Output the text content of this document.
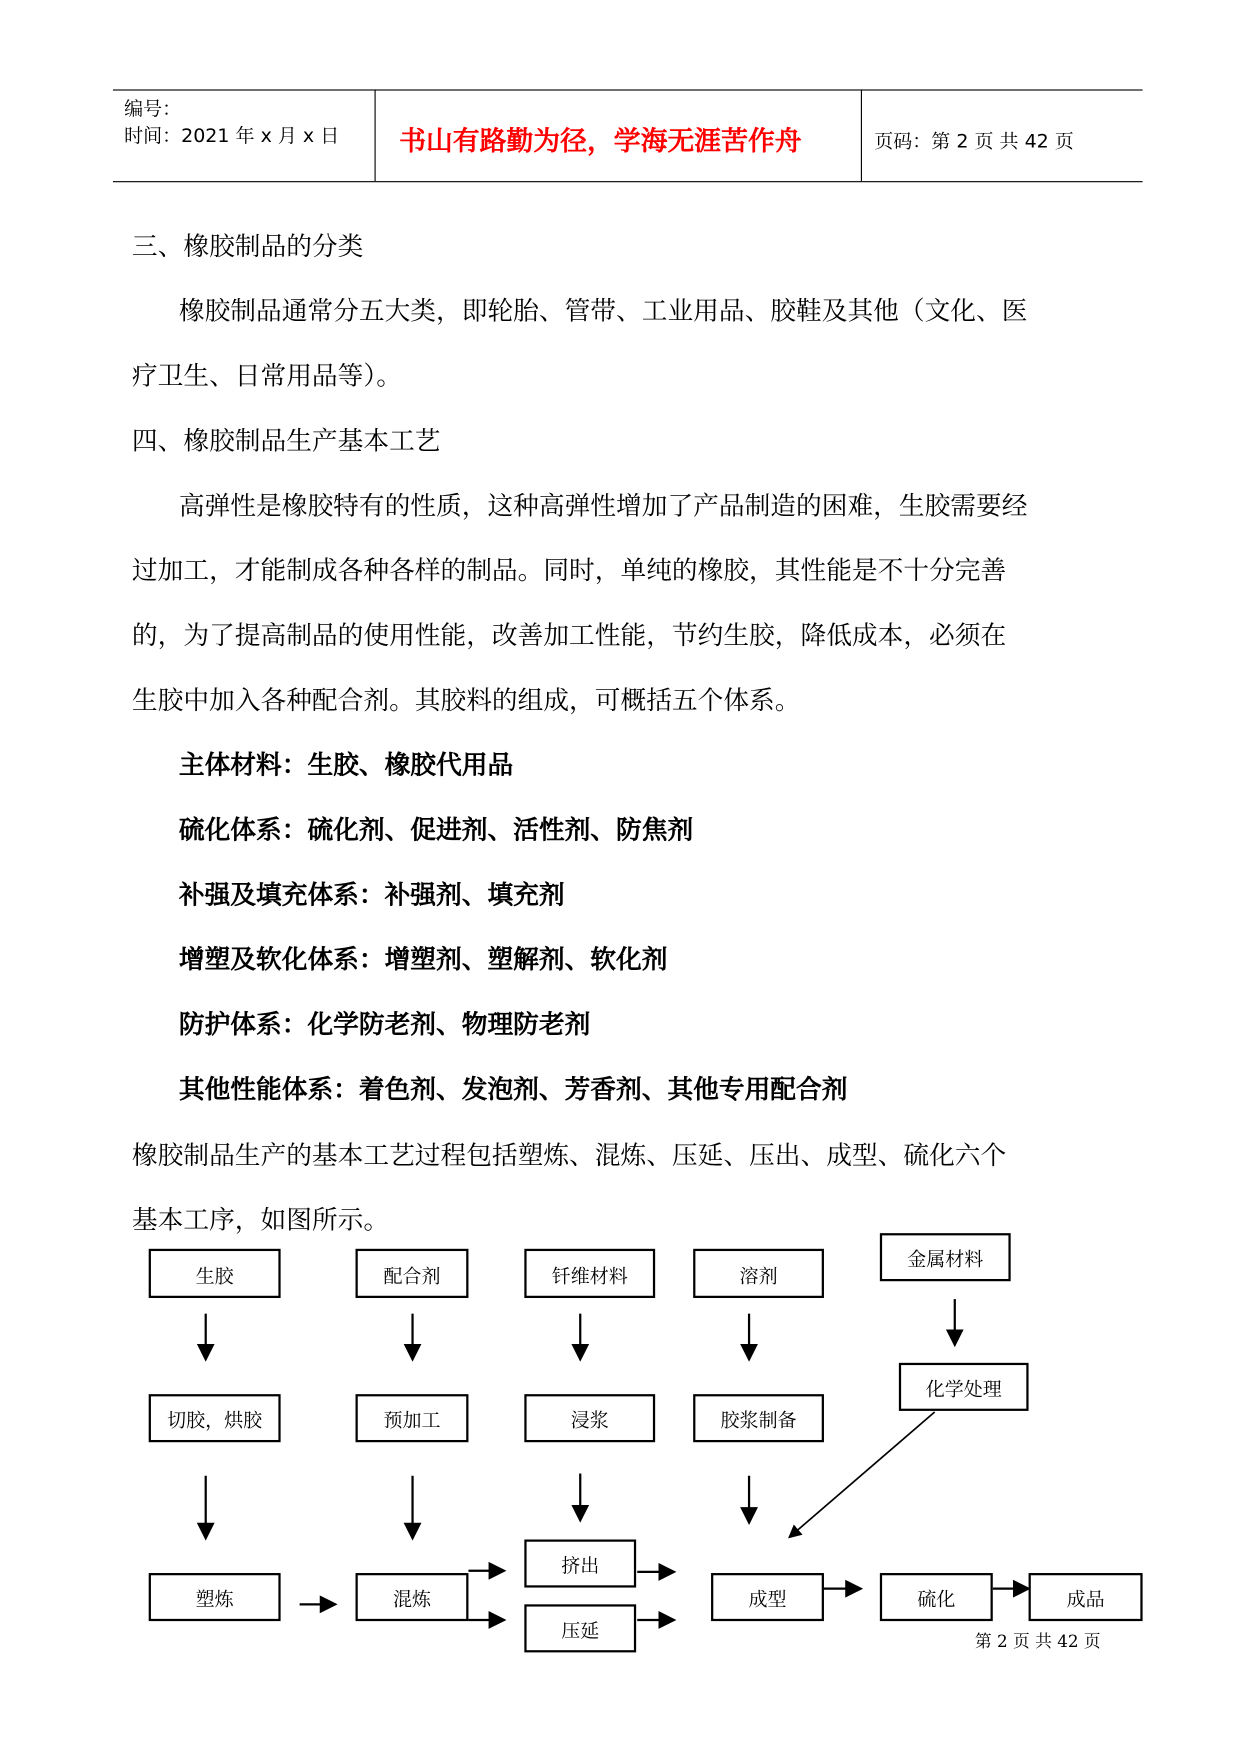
编号：
时间：2021 年 x 月 x 日 书山有路勤为径，学海无涯苦作舟	页码：第 2 页 共 42 页
三、橡胶制品的分类
橡胶制品通常分五大类，即轮胎、管带、工业用品、胶鞋及其他（文化、医
疗卫生、日常用品等）。
四、橡胶制品生产基本工艺
高弹性是橡胶特有的性质，这种高弹性增加了产品制造的困难，生胶需要经
过加工，才能制成各种各样的制品。同时，单纯的橡胶，其性能是不十分完善
的，为了提高制品的使用性能，改善加工性能，节约生胶，降低成本，必须在
生胶中加入各种配合剂。其胶料的组成，可概括五个体系。
主体材料：生胶、橡胶代用品
硫化体系：硫化剂、促进剂、活性剂、防焦剂
补强及填充体系：补强剂、填充剂
增塑及软化体系：增塑剂、塑解剂、软化剂
防护体系：化学防老剂、物理防老剂
其他性能体系：着色剂、发泡剂、芳香剂、其他专用配合剂
橡胶制品生产的基本工艺过程包括塑炼、混炼、压延、压出、成型、硫化六个
基本工序，如图所示。
生胶	配合剂	钎维材料	溶剂
金属材料
化学处理
切胶，烘胶	预加工	浸浆	胶浆制备
塑炼	混炼
挤出
压延
成型	硫化	成品
第 2 页 共 42 页
